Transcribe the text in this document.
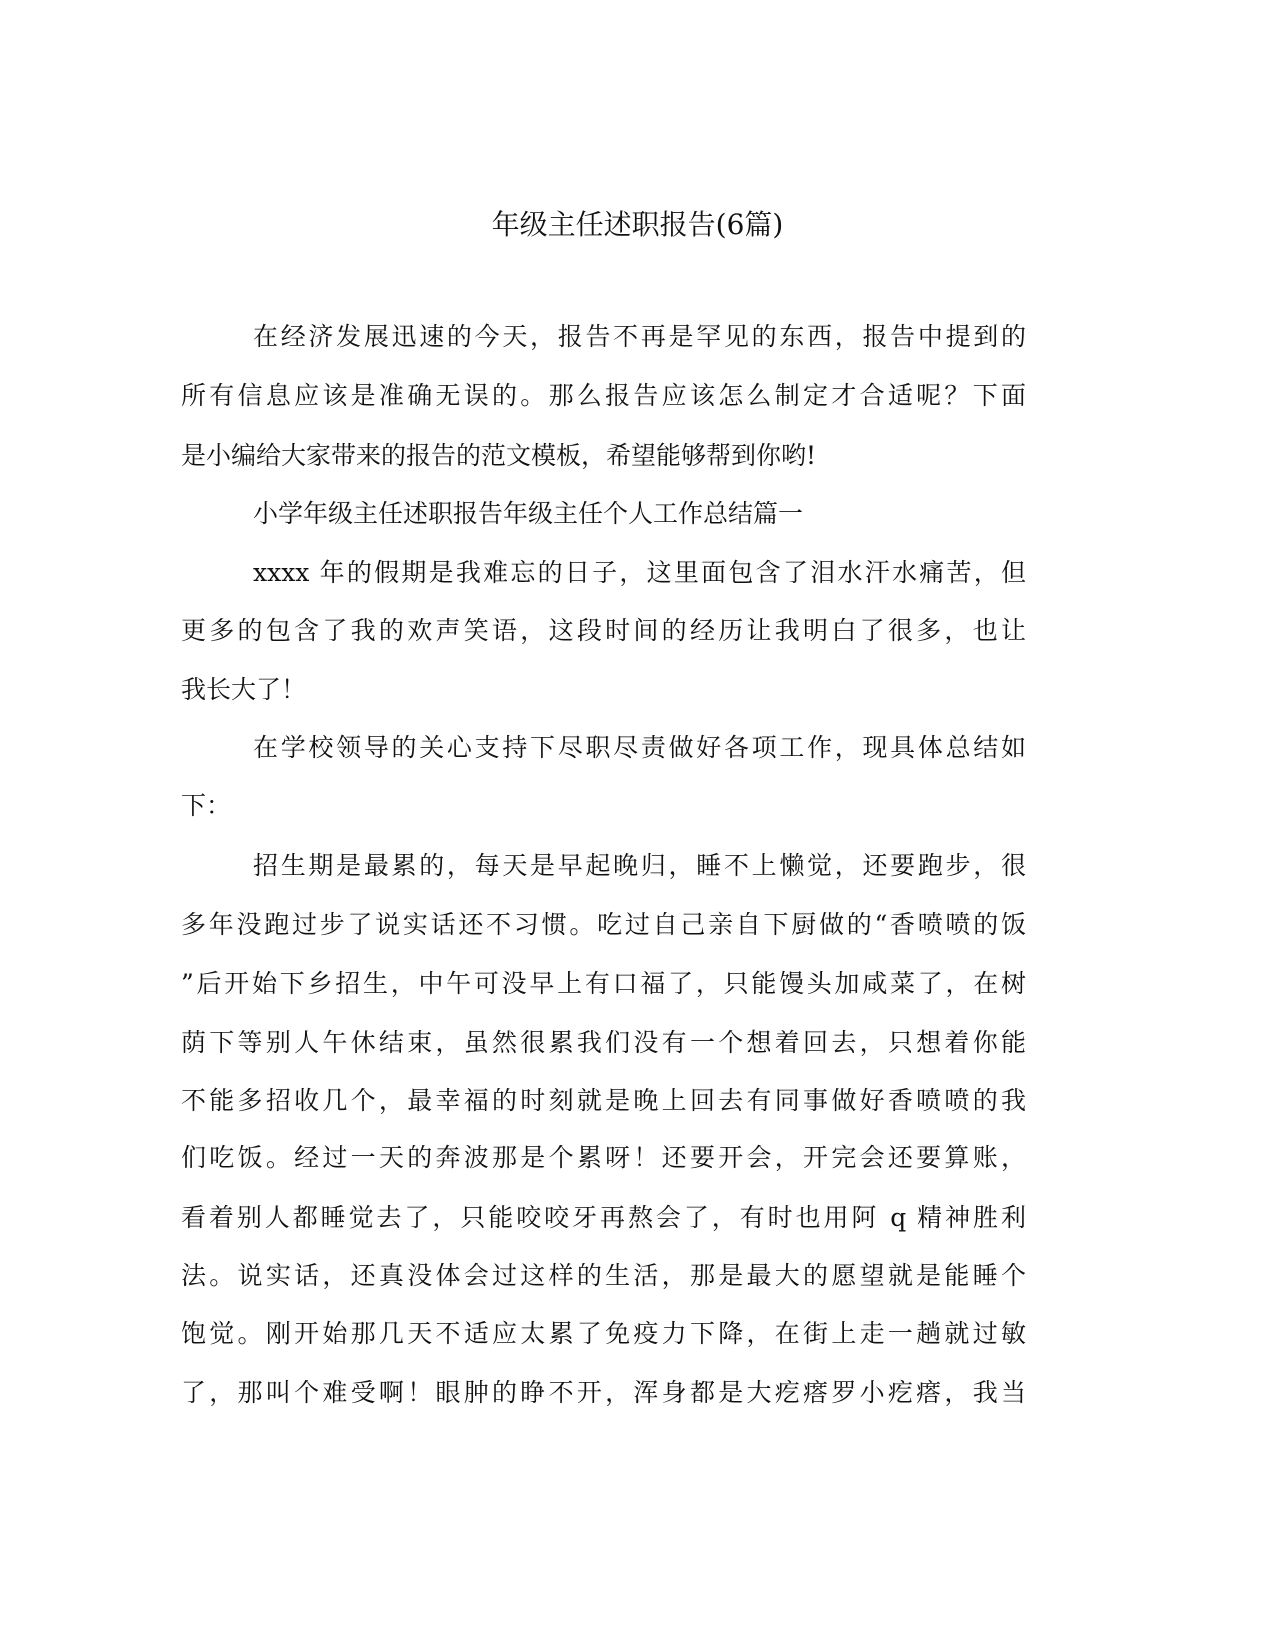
年级主任述职报告(6篇)
在经济发展迅速的今天，报告不再是罕见的东西，报告中提到的
所有信息应该是准确无误的。那么报告应该怎么制定才合适呢？下面
是小编给大家带来的报告的范文模板，希望能够帮到你哟!
小学年级主任述职报告年级主任个人工作总结篇一
xxxx 年的假期是我难忘的日子，这里面包含了泪水汗水痛苦，但
更多的包含了我的欢声笑语，这段时间的经历让我明白了很多，也让
我长大了！
在学校领导的关心支持下尽职尽责做好各项工作，现具体总结如
下：
招生期是最累的，每天是早起晚归，睡不上懒觉，还要跑步，很
多年没跑过步了说实话还不习惯。吃过自己亲自下厨做的“香喷喷的饭
”后开始下乡招生，中午可没早上有口福了，只能馒头加咸菜了，在树
荫下等别人午休结束，虽然很累我们没有一个想着回去，只想着你能
不能多招收几个，最幸福的时刻就是晚上回去有同事做好香喷喷的我
们吃饭。经过一天的奔波那是个累呀！还要开会，开完会还要算账，
看着别人都睡觉去了，只能咬咬牙再熬会了，有时也用阿 q 精神胜利
法。说实话，还真没体会过这样的生活，那是最大的愿望就是能睡个
饱觉。刚开始那几天不适应太累了免疫力下降，在街上走一趟就过敏
了，那叫个难受啊！眼肿的睁不开，浑身都是大疙瘩罗小疙瘩，我当
